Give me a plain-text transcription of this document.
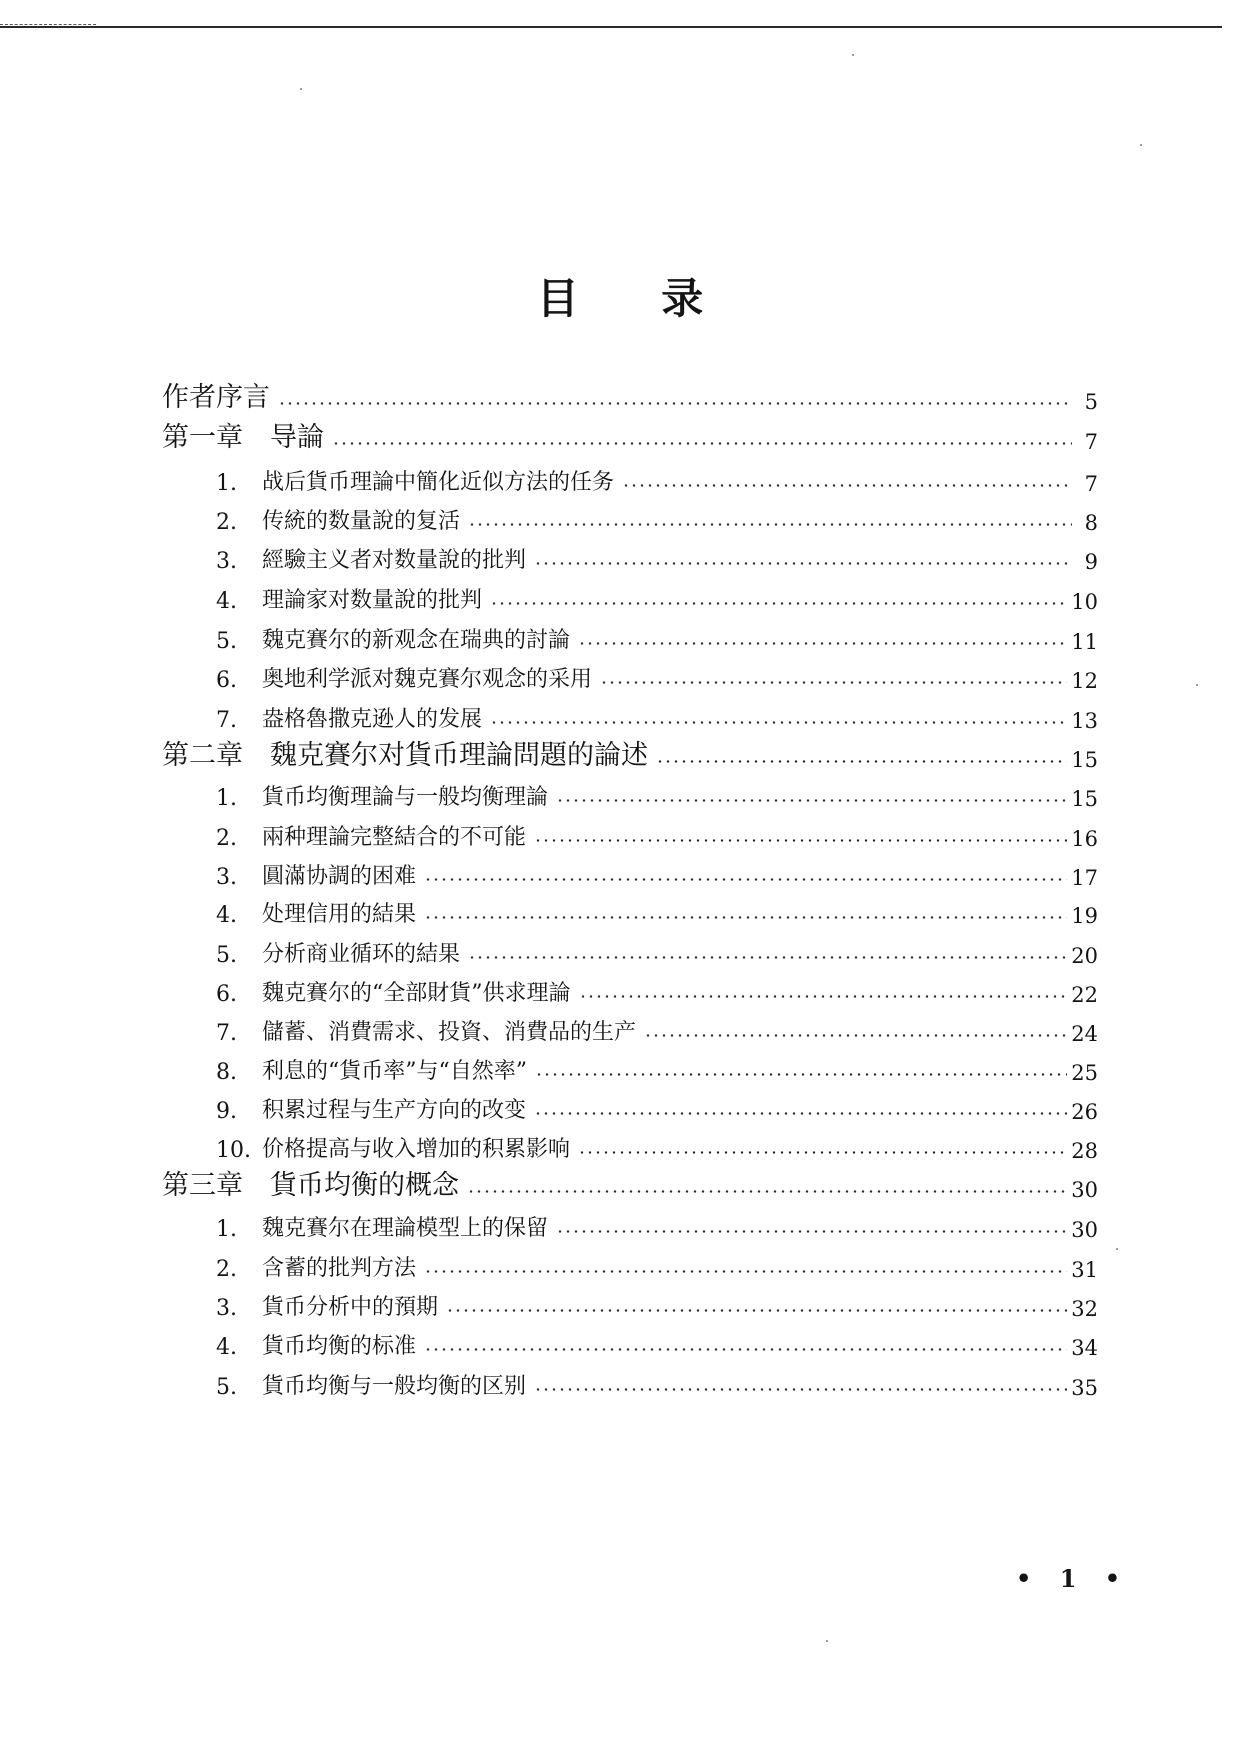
目 录
作者序言	5
第一章　导論	7
1.	战后貨币理論中簡化近似方法的任务	7
2.	传統的数量說的复活	8
3.	經驗主义者对数量說的批判	9
4.	理論家对数量說的批判	10
5.	魏克賽尔的新观念在瑞典的討論	11
6.	奥地利学派对魏克賽尔观念的采用	12
7.	盎格魯撒克逊人的发展	13
第二章　魏克賽尔对貨币理論問題的論述	15
1.	貨币均衡理論与一般均衡理論	15
2.	兩种理論完整結合的不可能	16
3.	圓滿协調的困难	17
4.	处理信用的結果	19
5.	分析商业循环的結果	20
6.	魏克賽尔的“全部財貨”供求理論	22
7.	儲蓄、消費需求、投資、消費品的生产	24
8.	利息的“貨币率”与“自然率”	25
9.	积累过程与生产方向的改变	26
10. 价格提高与收入增加的积累影响	28
第三章　貨币均衡的概念	30
1.	魏克賽尔在理論模型上的保留	30
2.	含蓄的批判方法	31
3.	貨币分析中的預期	32
4.	貨币均衡的标准	34
5.	貨币均衡与一般均衡的区别	35
• 1 •
